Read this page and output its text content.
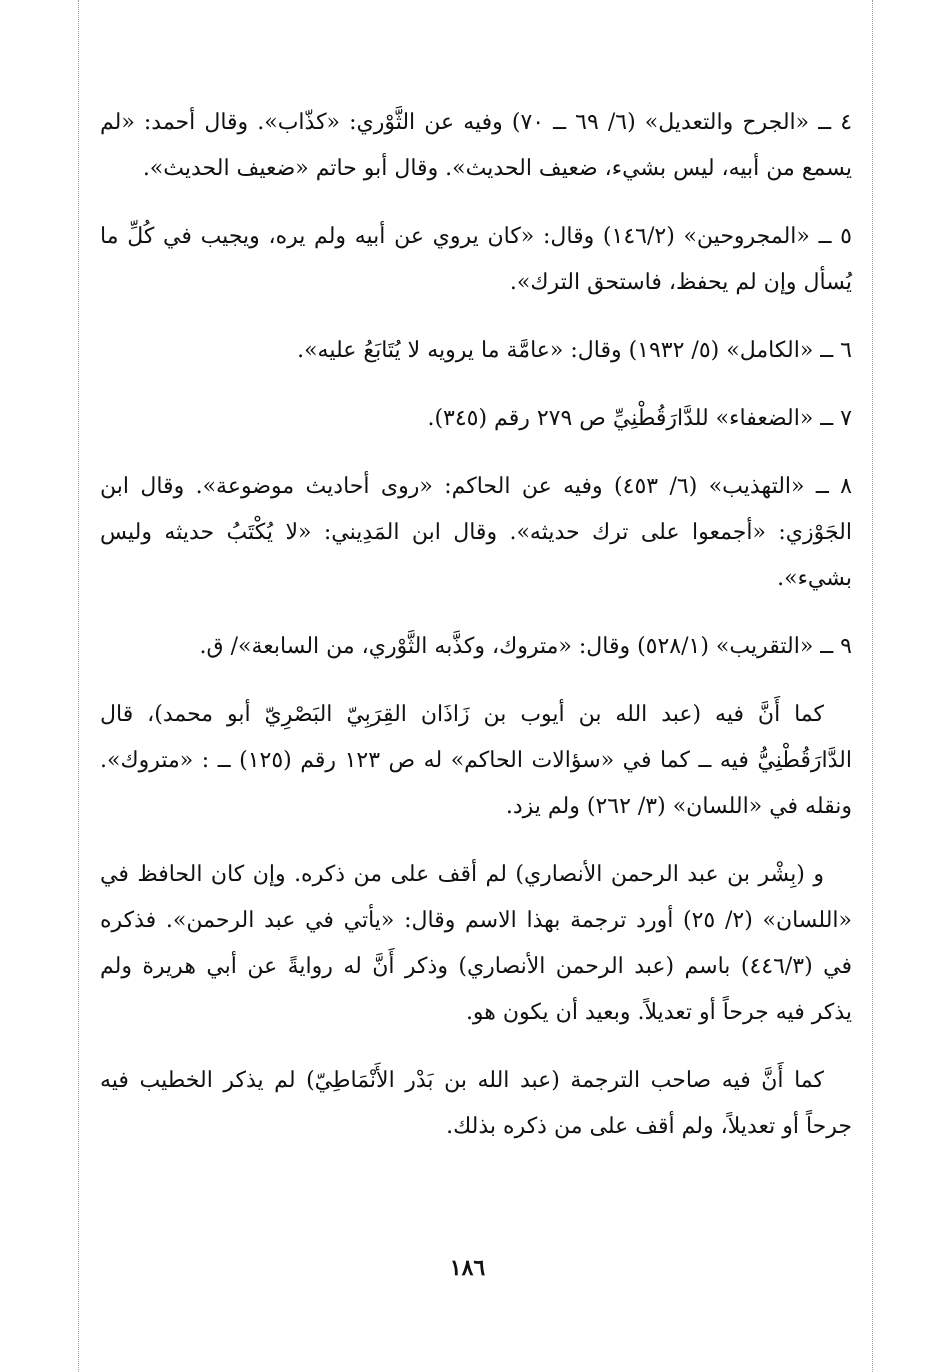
٤ ــ «الجرح والتعديل» (٦/ ٦٩ ــ ٧٠) وفيه عن الثَّوْري: «كذّاب». وقال أحمد: «لم يسمع من أبيه، ليس بشيء، ضعيف الحديث». وقال أبو حاتم «ضعيف الحديث».

٥ ــ «المجروحين» (١٤٦/٢) وقال: «كان يروي عن أبيه ولم يره، ويجيب في كُلِّ ما يُسأل وإن لم يحفظ، فاستحق الترك».

٦ ــ «الكامل» (٥/ ١٩٣٢) وقال: «عامَّة ما يرويه لا يُتَابَعُ عليه».

٧ ــ «الضعفاء» للدَّارَقُطْنِيِّ ص ٢٧٩ رقم (٣٤٥).

٨ ــ «التهذيب» (٦/ ٤٥٣) وفيه عن الحاكم: «روى أحاديث موضوعة». وقال ابن الجَوْزي: «أجمعوا على ترك حديثه». وقال ابن المَدِيني: «لا يُكْتَبُ حديثه وليس بشيء».

٩ ــ «التقريب» (٥٢٨/١) وقال: «متروك، وكذَّبه الثَّوْري، من السابعة»/ ق.

كما أَنَّ فيه (عبد الله بن أيوب بن زَاذَان القِرَبِيّ البَصْرِيّ أبو محمد)، قال الدَّارَقُطْنِيُّ فيه ــ كما في «سؤالات الحاكم» له ص ١٢٣ رقم (١٢٥) ــ : «متروك». ونقله في «اللسان» (٣/ ٢٦٢) ولم يزد.

و (بِشْر بن عبد الرحمن الأنصاري) لم أقف على من ذكره. وإن كان الحافظ في «اللسان» (٢/ ٢٥) أورد ترجمة بهذا الاسم وقال: «يأتي في عبد الرحمن». فذكره في (٤٤٦/٣) باسم (عبد الرحمن الأنصاري) وذكر أَنَّ له روايةً عن أبي هريرة ولم يذكر فيه جرحاً أو تعديلاً. وبعيد أن يكون هو.

كما أَنَّ فيه صاحب الترجمة (عبد الله بن بَدْر الأَنْمَاطِيّ) لم يذكر الخطيب فيه جرحاً أو تعديلاً، ولم أقف على من ذكره بذلك.

١٨٦
